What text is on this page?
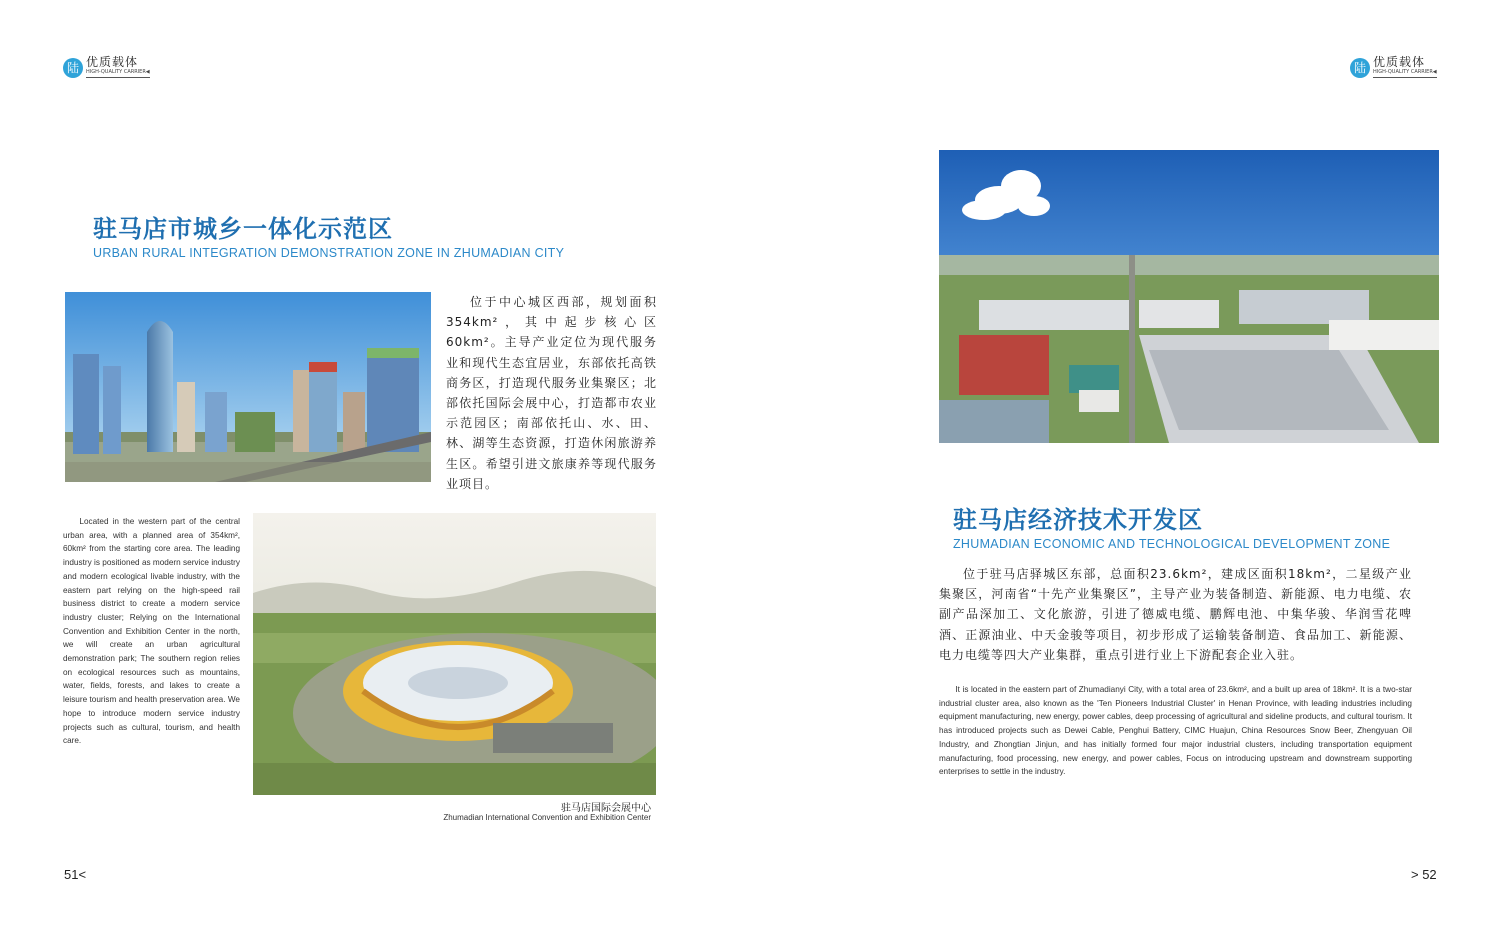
陆 优质载体
HIGH-QUALITY CARRIER◀	陆 优质载体
HIGH-QUALITY CARRIER◀
驻马店市城乡一体化示范区
URBAN RURAL INTEGRATION DEMONSTRATION ZONE IN ZHUMADIAN CITY

位于中心城区西部，规划面积354km²，其中起步核心区60km²。主导产业定位为现代服务业和现代生态宜居业，东部依托高铁商务区，打造现代服务业集聚区；北部依托国际会展中心，打造都市农业示范园区；南部依托山、水、田、林、湖等生态资源，打造休闲旅游养生区。希望引进文旅康养等现代服务业项目。

Located in the western part of the central urban area, with a planned area of 354km², 60km² from the starting core area. The leading industry is positioned as modern service industry and modern ecological livable industry, with the eastern part relying on the high-speed rail business district to create a modern service industry cluster; Relying on the International Convention and Exhibition Center in the north, we will create an urban agricultural demonstration park; The southern region relies on ecological resources such as mountains, water, fields, forests, and lakes to create a leisure tourism and health preservation area. We hope to introduce modern service industry projects such as cultural, tourism, and health care.

驻马店国际会展中心
Zhumadian International Convention and Exhibition Center
51<
驻马店经济技术开发区
ZHUMADIAN ECONOMIC AND TECHNOLOGICAL DEVELOPMENT ZONE

位于驻马店驿城区东部，总面积23.6km²，建成区面积18km²，二星级产业集聚区，河南省“十先产业集聚区”，主导产业为装备制造、新能源、电力电缆、农副产品深加工、文化旅游，引进了德威电缆、鹏辉电池、中集华骏、华润雪花啤酒、正源油业、中天金骏等项目，初步形成了运输装备制造、食品加工、新能源、电力电缆等四大产业集群，重点引进行业上下游配套企业入驻。

It is located in the eastern part of Zhumadianyi City, with a total area of 23.6km², and a built up area of 18km². It is a two-star industrial cluster area, also known as the 'Ten Pioneers Industrial Cluster' in Henan Province, with leading industries including equipment manufacturing, new energy, power cables, deep processing of agricultural and sideline products, and cultural tourism. It has introduced projects such as Dewei Cable, Penghui Battery, CIMC Huajun, China Resources Snow Beer, Zhengyuan Oil Industry, and Zhongtian Jinjun, and has initially formed four major industrial clusters, including transportation equipment manufacturing, food processing, new energy, and power cables, Focus on introducing upstream and downstream supporting enterprises to settle in the industry.

> 52
